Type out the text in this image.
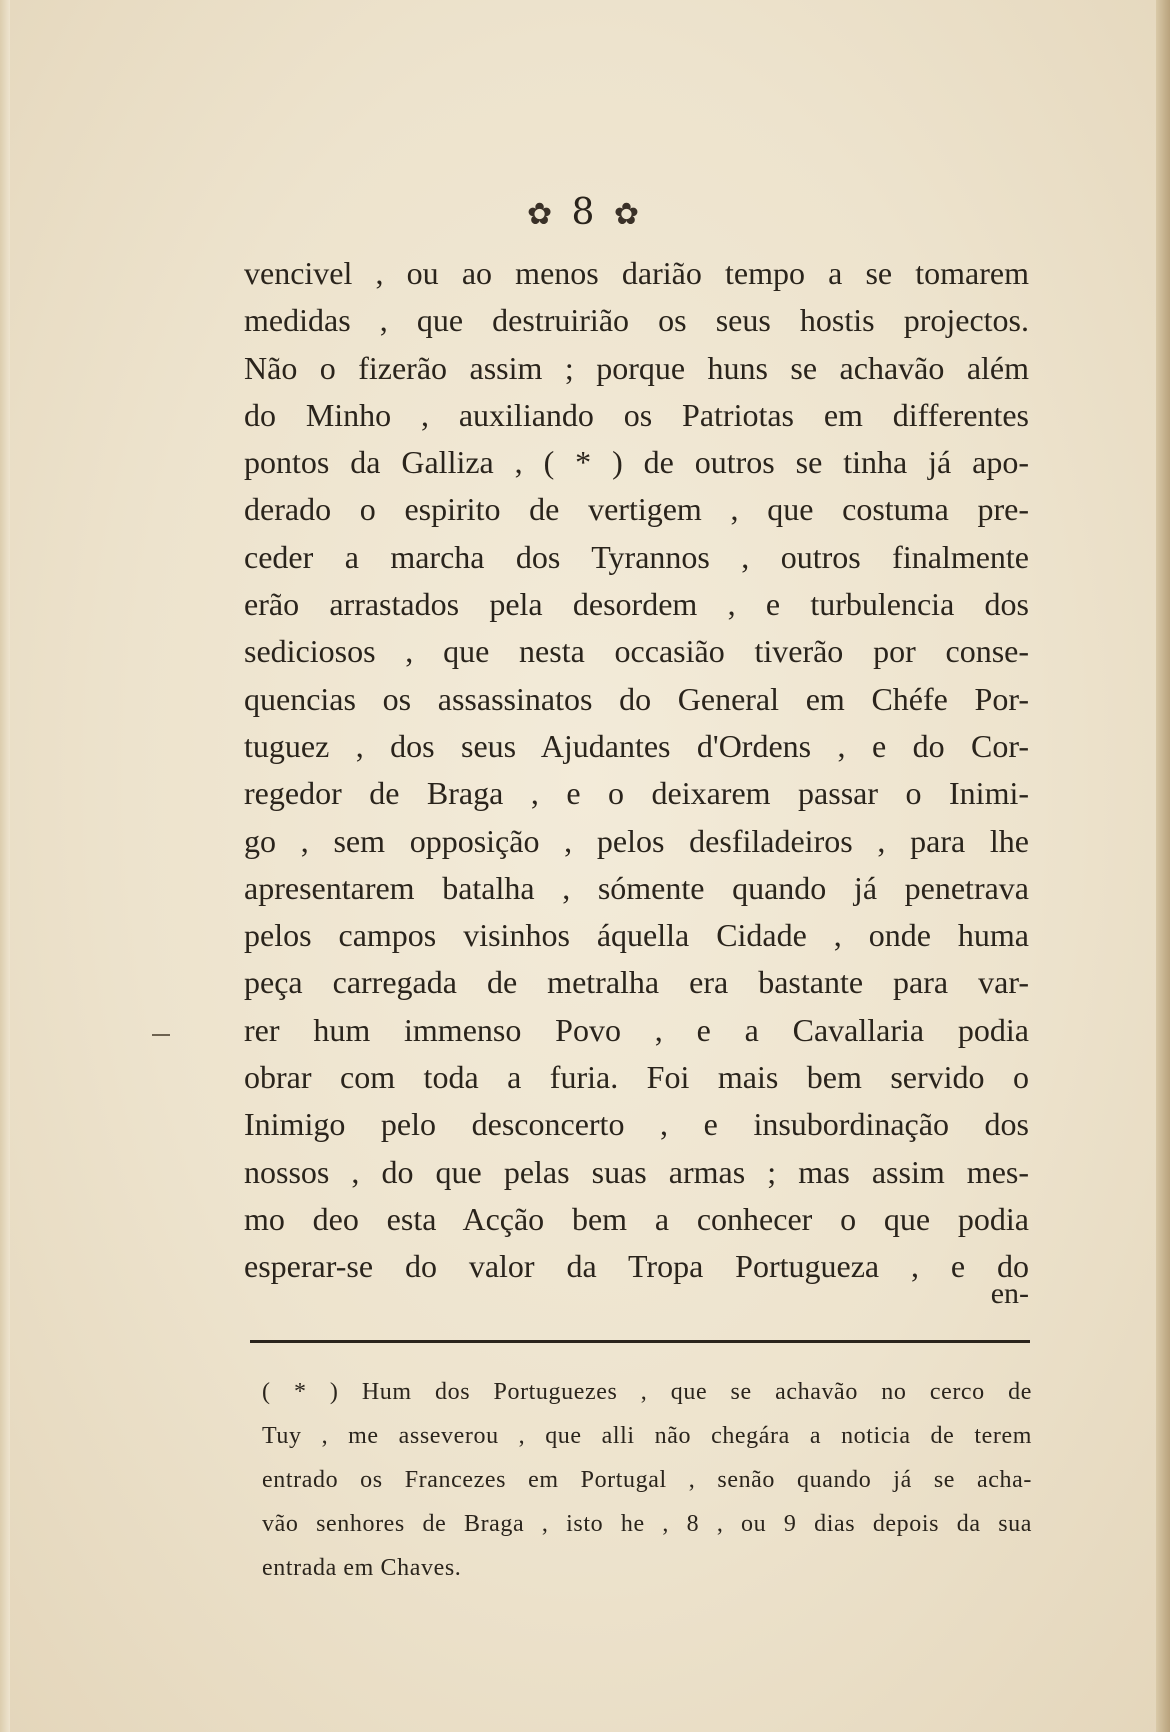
✿ 8 ✿
vencivel , ou ao menos darião tempo a se tomarem
medidas , que destruirião os seus hostis projectos.
Não o fizerão assim ; porque huns se achavão além
do Minho , auxiliando os Patriotas em differentes
pontos da Galliza , ( * ) de outros se tinha já apo-
derado o espirito de vertigem , que costuma pre-
ceder a marcha dos Tyrannos , outros finalmente
erão arrastados pela desordem , e turbulencia dos
sediciosos , que nesta occasião tiverão por conse-
quencias os assassinatos do General em Chéfe Por-
tuguez , dos seus Ajudantes d'Ordens , e do Cor-
regedor de Braga , e o deixarem passar o Inimi-
go , sem opposição , pelos desfiladeiros , para lhe
apresentarem batalha , sómente quando já penetrava
pelos campos visinhos áquella Cidade , onde huma
peça carregada de metralha era bastante para var-
rer hum immenso Povo , e a Cavallaria podia
obrar com toda a furia. Foi mais bem servido o
Inimigo pelo desconcerto , e insubordinação dos
nossos , do que pelas suas armas ; mas assim mes-
mo deo esta Acção bem a conhecer o que podia
esperar-se do valor da Tropa Portugueza , e do
en-
( * ) Hum dos Portuguezes , que se achavão no cerco de
Tuy , me asseverou , que alli não chegára a noticia de terem
entrado os Francezes em Portugal , senão quando já se acha-
vão senhores de Braga , isto he , 8 , ou 9 dias depois da sua
entrada em Chaves.
